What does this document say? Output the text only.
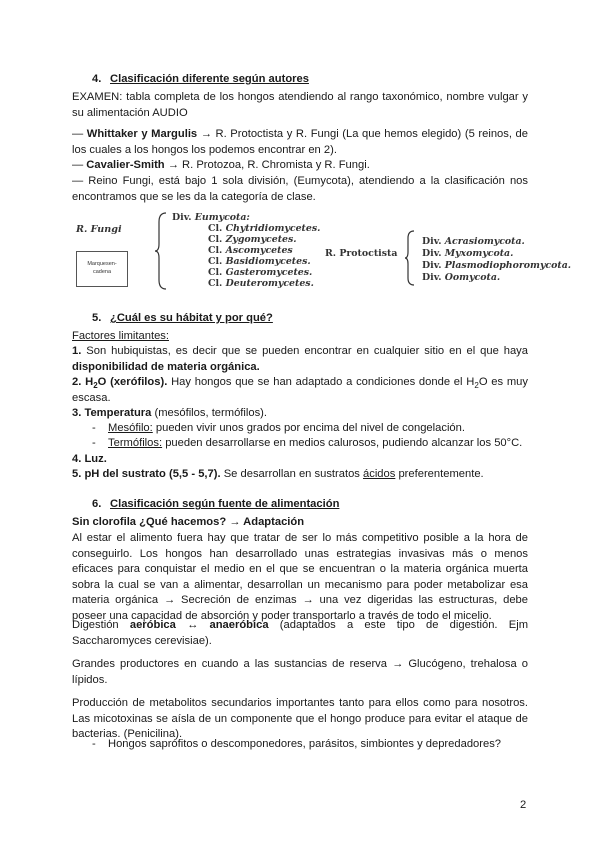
4. Clasificación diferente según autores

EXAMEN: tabla completa de los hongos atendiendo al rango taxonómico, nombre vulgar y su alimentación AUDIO

— Whittaker y Margulis → R. Protoctista y R. Fungi (La que hemos elegido) (5 reinos, de los cuales a los hongos los podemos encontrar en 2).

— Cavalier-Smith → R. Protozoa, R. Chromista y R. Fungi.

— Reino Fungi, está bajo 1 sola división, (Eumycota), atendiendo a la clasificación nos encontramos que se les da la categoría de clase.

R. Fungi
Marquesen-
cadena
Div. Eumycota:
Cl. Chytridiomycetes.
Cl. Zygomycetes.
Cl. Ascomycetes
Cl. Basidiomycetes.
Cl. Gasteromycetes.
Cl. Deuteromycetes.
R. Protoctista
Div. Acrasiomycota.
Div. Myxomycota.
Div. Plasmodiophoromycota.
Div. Oomycota.

5. ¿Cuál es su hábitat y por qué?

Factores limitantes:

1. Son hubiquistas, es decir que se pueden encontrar en cualquier sitio en el que haya disponibilidad de materia orgánica.

2. $H_2O$ (xerófilos). Hay hongos que se han adaptado a condiciones donde el $H_2O$ es muy escasa.

3. Temperatura (mesófilos, termófilos).

- Mesófilo: pueden vivir unos grados por encima del nivel de congelación.
- Termófilos: pueden desarrollarse en medios calurosos, pudiendo alcanzar los 50°C.

4. Luz.

5. pH del sustrato (5,5 - 5,7). Se desarrollan en sustratos ácidos preferentemente.

6. Clasificación según fuente de alimentación

Sin clorofila ¿Qué hacemos? → Adaptación

Al estar el alimento fuera hay que tratar de ser lo más competitivo posible a la hora de conseguirlo. Los hongos han desarrollado unas estrategias invasivas más o menos eficaces para conquistar el medio en el que se encuentran o la materia orgánica muerta sobra la cual se van a alimentar, desarrollan un mecanismo para poder metabolizar esa materia orgánica → Secreción de enzimas → una vez digeridas las estructuras, debe poseer una capacidad de absorción y poder transportarlo a través de todo el micelio.

Digestión aeróbica ↔ anaeróbica (adaptados a este tipo de digestión. Ejm Saccharomyces cerevisiae).

Grandes productores en cuando a las sustancias de reserva → Glucógeno, trehalosa o lípidos.

Producción de metabolitos secundarios importantes tanto para ellos como para nosotros. Las micotoxinas se aísla de un componente que el hongo produce para evitar el ataque de bacterias. (Penicilina).

- Hongos saprófitos o descomponedores, parásitos, simbiontes y depredadores?
2
